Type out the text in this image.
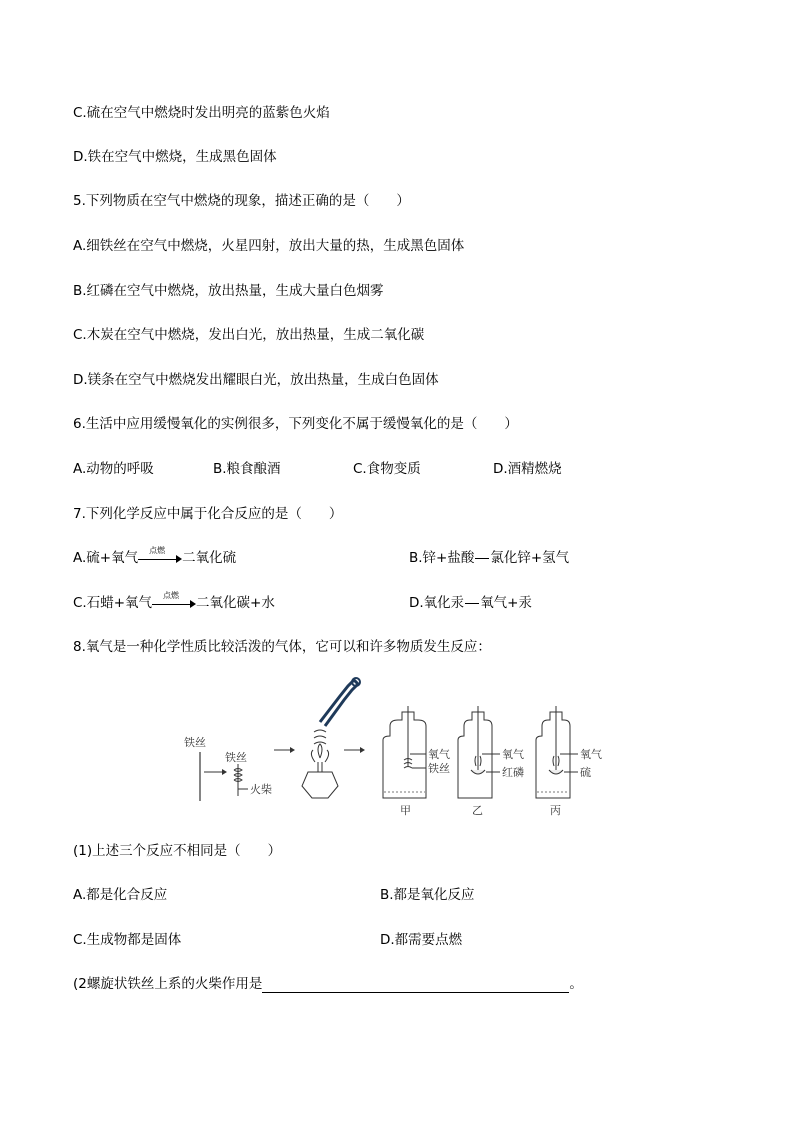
C.硫在空气中燃烧时发出明亮的蓝紫色火焰
D.铁在空气中燃烧，生成黑色固体
5.下列物质在空气中燃烧的现象，描述正确的是（　　）
A.细铁丝在空气中燃烧，火星四射，放出大量的热，生成黑色固体
B.红磷在空气中燃烧，放出热量，生成大量白色烟雾
C.木炭在空气中燃烧，发出白光，放出热量，生成二氧化碳
D.镁条在空气中燃烧发出耀眼白光，放出热量，生成白色固体
6.生活中应用缓慢氧化的实例很多，下列变化不属于缓慢氧化的是（　　）
A.动物的呼吸	B.粮食酿酒	C.食物变质	D.酒精燃烧
7.下列化学反应中属于化合反应的是（　　）
A.硫+氧气	点燃	二氧化硫	B.锌+盐酸 氯化锌+氢气
C.石蜡+氧气	点燃	二氧化碳+水	D.氧化汞 氧气+汞
8.氧气是一种化学性质比较活泼的气体，它可以和许多物质发生反应：
铁丝
铁丝
火柴
氧气
铁丝
甲
氧气
红磷
乙
氧气
硫
丙
(1)上述三个反应不相同是（　　）
A.都是化合反应	B.都是氧化反应
C.生成物都是固体	D.都需要点燃
(2螺旋状铁丝上系的火柴作用是	。
